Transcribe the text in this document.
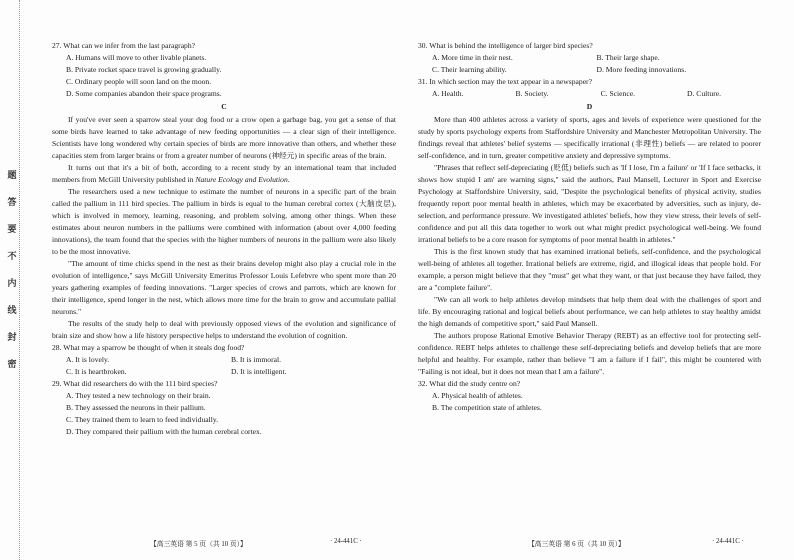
题
答
要
不
内
线
封
密

27. What can we infer from the last paragraph?

A. Humans will move to other livable planets.

B. Private rocket space travel is growing gradually.

C. Ordinary people will soon land on the moon.

D. Some companies abandon their space programs.

C

If you've ever seen a sparrow steal your dog food or a crow open a garbage bag, you get a sense of that some birds have learned to take advantage of new feeding opportunities — a clear sign of their intelligence. Scientists have long wondered why certain species of birds are more innovative than others, and whether these capacities stem from larger brains or from a greater number of neurons (神经元) in specific areas of the brain.

It turns out that it's a bit of both, according to a recent study by an international team that included members from McGill University published in Nature Ecology and Evolution.

The researchers used a new technique to estimate the number of neurons in a specific part of the brain called the pallium in 111 bird species. The pallium in birds is equal to the human cerebral cortex (大脑皮层), which is involved in memory, learning, reasoning, and problem solving, among other things. When these estimates about neuron numbers in the palliums were combined with information (about over 4,000 feeding innovations), the team found that the species with the higher numbers of neurons in the pallium were also likely to be the most innovative.

"The amount of time chicks spend in the nest as their brains develop might also play a crucial role in the evolution of intelligence," says McGill University Emeritus Professor Louis Lefebvre who spent more than 20 years gathering examples of feeding innovations. "Larger species of crows and parrots, which are known for their intelligence, spend longer in the nest, which allows more time for the brain to grow and accumulate pallial neurons."

The results of the study help to deal with previously opposed views of the evolution and significance of brain size and show how a life history perspective helps to understand the evolution of cognition.

28. What may a sparrow be thought of when it steals dog food?

A. It is lovely.	B. It is immoral.
C. It is heartbroken.	D. It is intelligent.

29. What did researchers do with the 111 bird species?

A. They tested a new technology on their brain.

B. They assessed the neurons in their pallium.

C. They trained them to learn to feed individually.

D. They compared their pallium with the human cerebral cortex.

【高三英语 第 5 页（共 10 页）】	· 24-441C ·

30. What is behind the intelligence of larger bird species?

A. More time in their nest.	B. Their large shape.
C. Their learning ability.	D. More feeding innovations.

31. In which section may the text appear in a newspaper?

A. Health.	B. Society.	C. Science.	D. Culture.

D

More than 400 athletes across a variety of sports, ages and levels of experience were questioned for the study by sports psychology experts from Staffordshire University and Manchester Metropolitan University. The findings reveal that athletes' belief systems — specifically irrational (非理性) beliefs — are related to poorer self-confidence, and in turn, greater competitive anxiety and depressive symptoms.

"Phrases that reflect self-depreciating (贬低) beliefs such as 'If I lose, I'm a failure' or 'If I face setbacks, it shows how stupid I am' are warning signs," said the authors, Paul Mansell, Lecturer in Sport and Exercise Psychology at Staffordshire University, said, "Despite the psychological benefits of physical activity, studies frequently report poor mental health in athletes, which may be exacerbated by adversities, such as injury, de-selection, and performance pressure. We investigated athletes' beliefs, how they view stress, their levels of self-confidence and put all this data together to work out what might predict psychological well-being. We found irrational beliefs to be a core reason for symptoms of poor mental health in athletes."

This is the first known study that has examined irrational beliefs, self-confidence, and the psychological well-being of athletes all together. Irrational beliefs are extreme, rigid, and illogical ideas that people hold. For example, a person might believe that they "must" get what they want, or that just because they have failed, they are a "complete failure".

"We can all work to help athletes develop mindsets that help them deal with the challenges of sport and life. By encouraging rational and logical beliefs about performance, we can help athletes to stay healthy amidst the high demands of competitive sport," said Paul Mansell.

The authors propose Rational Emotive Behavior Therapy (REBT) as an effective tool for protecting self-confidence. REBT helps athletes to challenge these self-depreciating beliefs and develop beliefs that are more helpful and healthy. For example, rather than believe "I am a failure if I fail", this might be countered with "Failing is not ideal, but it does not mean that I am a failure".

32. What did the study centre on?

A. Physical health of athletes.

B. The competition state of athletes.

【高三英语 第 6 页（共 10 页）】	· 24-441C ·
